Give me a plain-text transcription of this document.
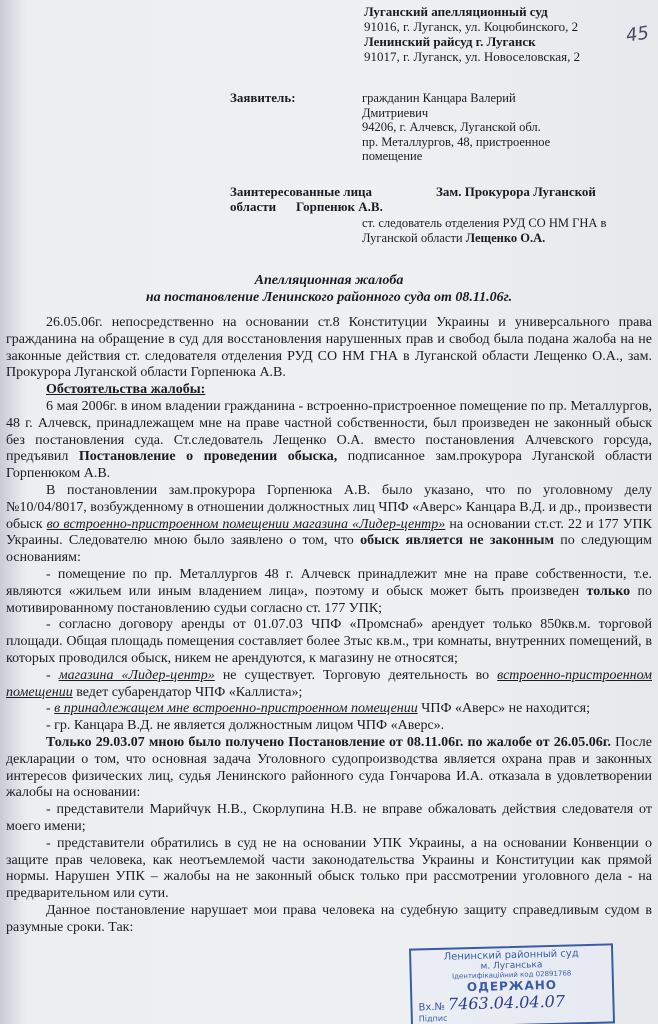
45
Луганский апелляционный суд
91016, г. Луганск, ул. Коцюбинского, 2
Ленинский райсуд г. Луганск
91017, г. Луганск, ул. Новоселовская, 2
Заявитель:	гражданин Канцара Валерий
Дмитриевич
94206, г. Алчевск, Луганской обл.
пр. Металлургов, 48, пристроенное
помещение
Заинтересованные лица	Зам. Прокурора Луганской
области Горпенюк А.В.
ст. следователь отделения РУД СО НМ ГНА в
Луганской области Лещенко О.А.
Апелляционная жалоба
на постановление Ленинского районного суда от 08.11.06г.

26.05.06г. непосредственно на основании ст.8 Конституции Украины и универсального права гражданина на обращение в суд для восстановления нарушенных прав и свобод была подана жалоба на не законные действия ст. следователя отделения РУД СО НМ ГНА в Луганской области Лещенко О.А., зам. Прокурора Луганской области Горпенюка А.В.

Обстоятельства жалобы:

6 мая 2006г. в ином владении гражданина - встроенно-пристроенное помещение по пр. Металлургов, 48 г. Алчевск, принадлежащем мне на праве частной собственности, был произведен не законный обыск без постановления суда. Ст.следователь Лещенко О.А. вместо постановления Алчевского горсуда, предъявил Постановление о проведении обыска, подписанное зам.прокурора Луганской области Горпенюком А.В.

В постановлении зам.прокурора Горпенюка А.В. было указано, что по уголовному делу №10/04/8017, возбужденному в отношении должностных лиц ЧПФ «Аверс» Канцара В.Д. и др., произвести обыск во встроенно-пристроенном помещении магазина «Лидер-центр» на основании ст.ст. 22 и 177 УПК Украины. Следователю мною было заявлено о том, что обыск является не законным по следующим основаниям:

- помещение по пр. Металлургов 48 г. Алчевск принадлежит мне на праве собственности, т.е. являются «жильем или иным владением лица», поэтому и обыск может быть произведен только по мотивированному постановлению судьи согласно ст. 177 УПК;

- согласно договору аренды от 01.07.03 ЧПФ «Промснаб» арендует только 850кв.м. торговой площади. Общая площадь помещения составляет более 3тыс кв.м., три комнаты, внутренних помещений, в которых проводился обыск, никем не арендуются, к магазину не относятся;

- магазина «Лидер-центр» не существует. Торговую деятельность во встроенно-пристроенном помещении ведет субарендатор ЧПФ «Каллиста»;

- в принадлежащем мне встроенно-пристроенном помещении ЧПФ «Аверс» не находится;

- гр. Канцара В.Д. не является должностным лицом ЧПФ «Аверс».

Только 29.03.07 мною было получено Постановление от 08.11.06г. по жалобе от 26.05.06г. После декларации о том, что основная задача Уголовного судопроизводства является охрана прав и законных интересов физических лиц, судья Ленинского районного суда Гончарова И.А. отказала в удовлетворении жалобы на основании:

- представители Марийчук Н.В., Скорлупина Н.В. не вправе обжаловать действия следователя от моего имени;

- представители обратились в суд не на основании УПК Украины, а на основании Конвенции о защите прав человека, как неотъемлемой части законодательства Украины и Конституции как прямой нормы. Нарушен УПК – жалобы на не законный обыск только при рассмотрении уголовного дела - на предварительном или сути.

Данное постановление нарушает мои права человека на судебную защиту справедливым судом в разумные сроки. Так:

Ленинский районный суд
м. Луганська
Ідентифікаційний код 02891768
ОДЕРЖАНО
Вх.№ 7463.04.04.07
Підпис
